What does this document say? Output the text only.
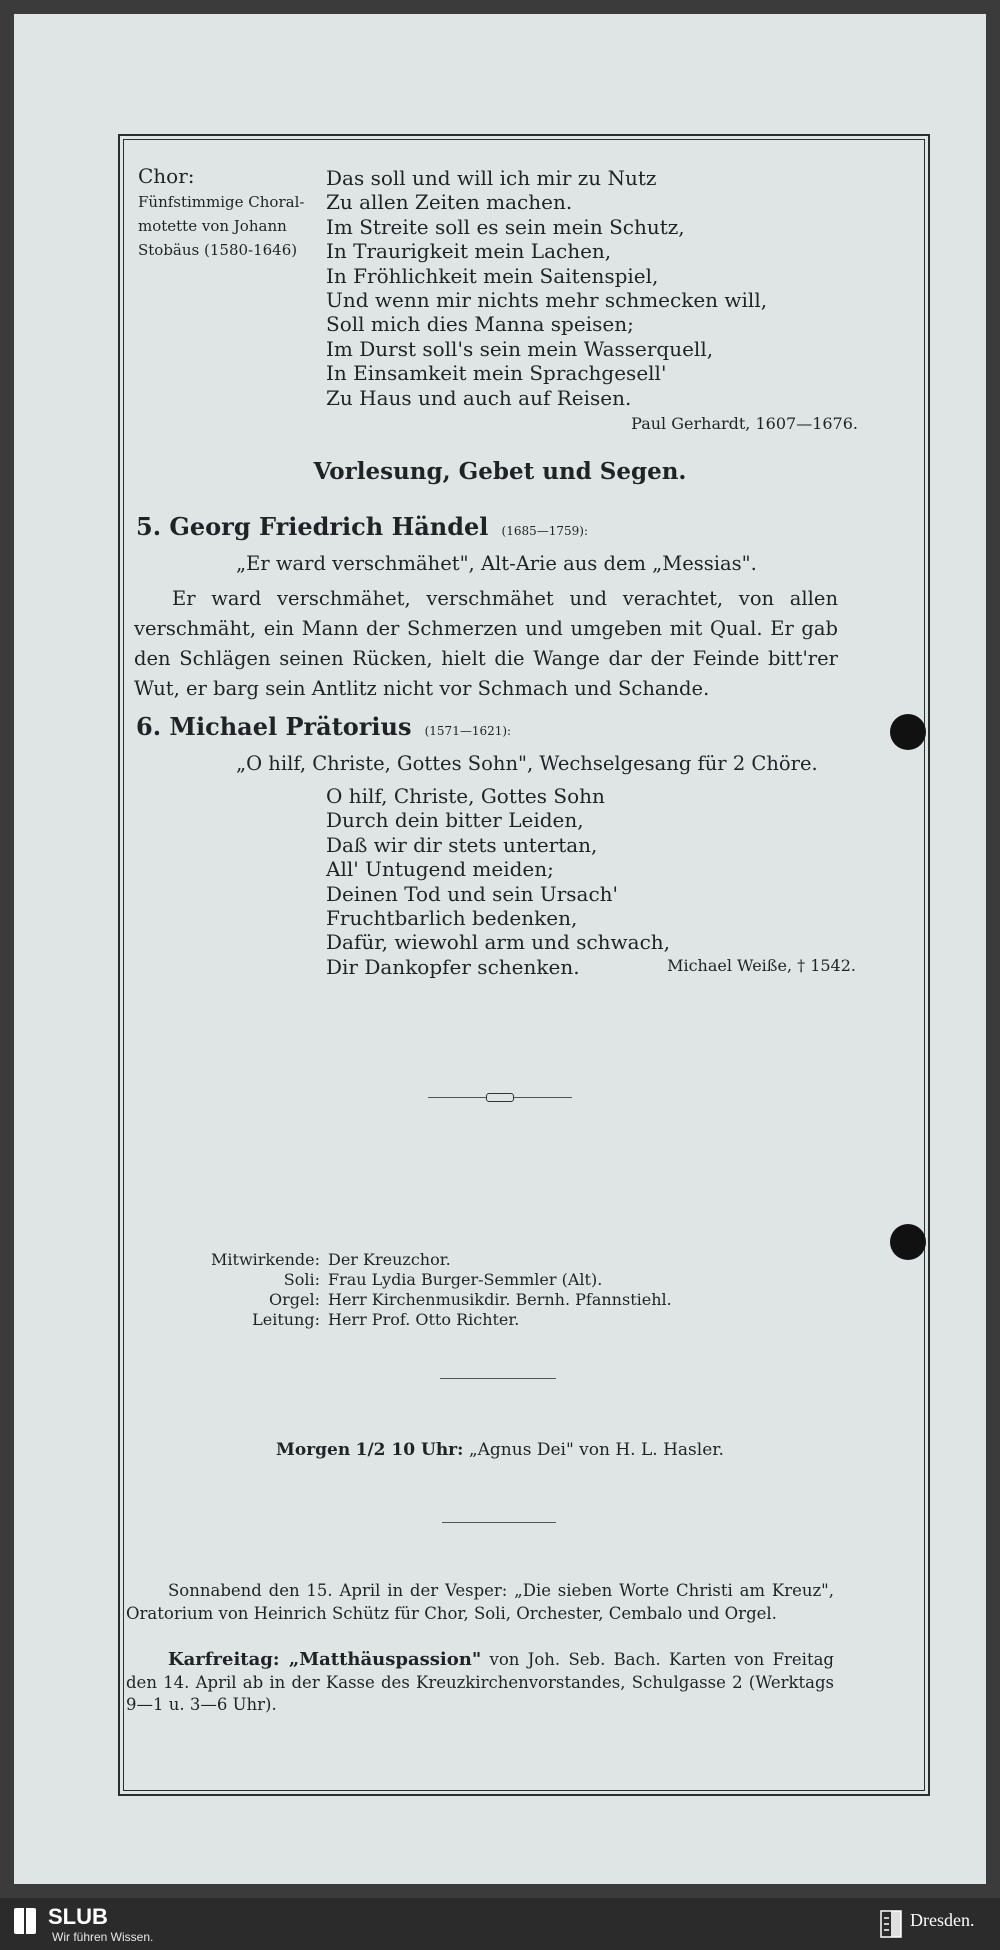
Chor:
Fünfstimmige Choral-
motette von Johann
Stobäus (1580-1646)
Das soll und will ich mir zu Nutz
Zu allen Zeiten machen.
Im Streite soll es sein mein Schutz,
In Traurigkeit mein Lachen,
In Fröhlichkeit mein Saitenspiel,
Und wenn mir nichts mehr schmecken will,
Soll mich dies Manna speisen;
Im Durst soll's sein mein Wasserquell,
In Einsamkeit mein Sprachgesell'
Zu Haus und auch auf Reisen.
Paul Gerhardt, 1607—1676.
Vorlesung, Gebet und Segen.
5. Georg Friedrich Händel (1685—1759):
„Er ward verschmähet", Alt-Arie aus dem „Messias".
Er ward verschmähet, verschmähet und verachtet, von allen verschmäht, ein Mann der Schmerzen und umgeben mit Qual. Er gab den Schlägen seinen Rücken, hielt die Wange dar der Feinde bitt'rer Wut, er barg sein Antlitz nicht vor Schmach und Schande.
6. Michael Prätorius (1571—1621):
„O hilf, Christe, Gottes Sohn", Wechselgesang für 2 Chöre.
O hilf, Christe, Gottes Sohn
Durch dein bitter Leiden,
Daß wir dir stets untertan,
All' Untugend meiden;
Deinen Tod und sein Ursach'
Fruchtbarlich bedenken,
Dafür, wiewohl arm und schwach,
Dir Dankopfer schenken.	Michael Weiße, † 1542.
Mitwirkende: Der Kreuzchor.
Soli: Frau Lydia Burger-Semmler (Alt).
Orgel: Herr Kirchenmusikdir. Bernh. Pfannstiehl.
Leitung: Herr Prof. Otto Richter.
Morgen 1/2 10 Uhr: „Agnus Dei" von H. L. Hasler.
Sonnabend den 15. April in der Vesper: „Die sieben Worte Christi am Kreuz", Oratorium von Heinrich Schütz für Chor, Soli, Orchester, Cembalo und Orgel.
Karfreitag: „Matthäuspassion" von Joh. Seb. Bach. Karten von Freitag den 14. April ab in der Kasse des Kreuzkirchenvorstandes, Schulgasse 2 (Werktags 9—1 u. 3—6 Uhr).
SLUB
Wir führen Wissen.
Dresden.
